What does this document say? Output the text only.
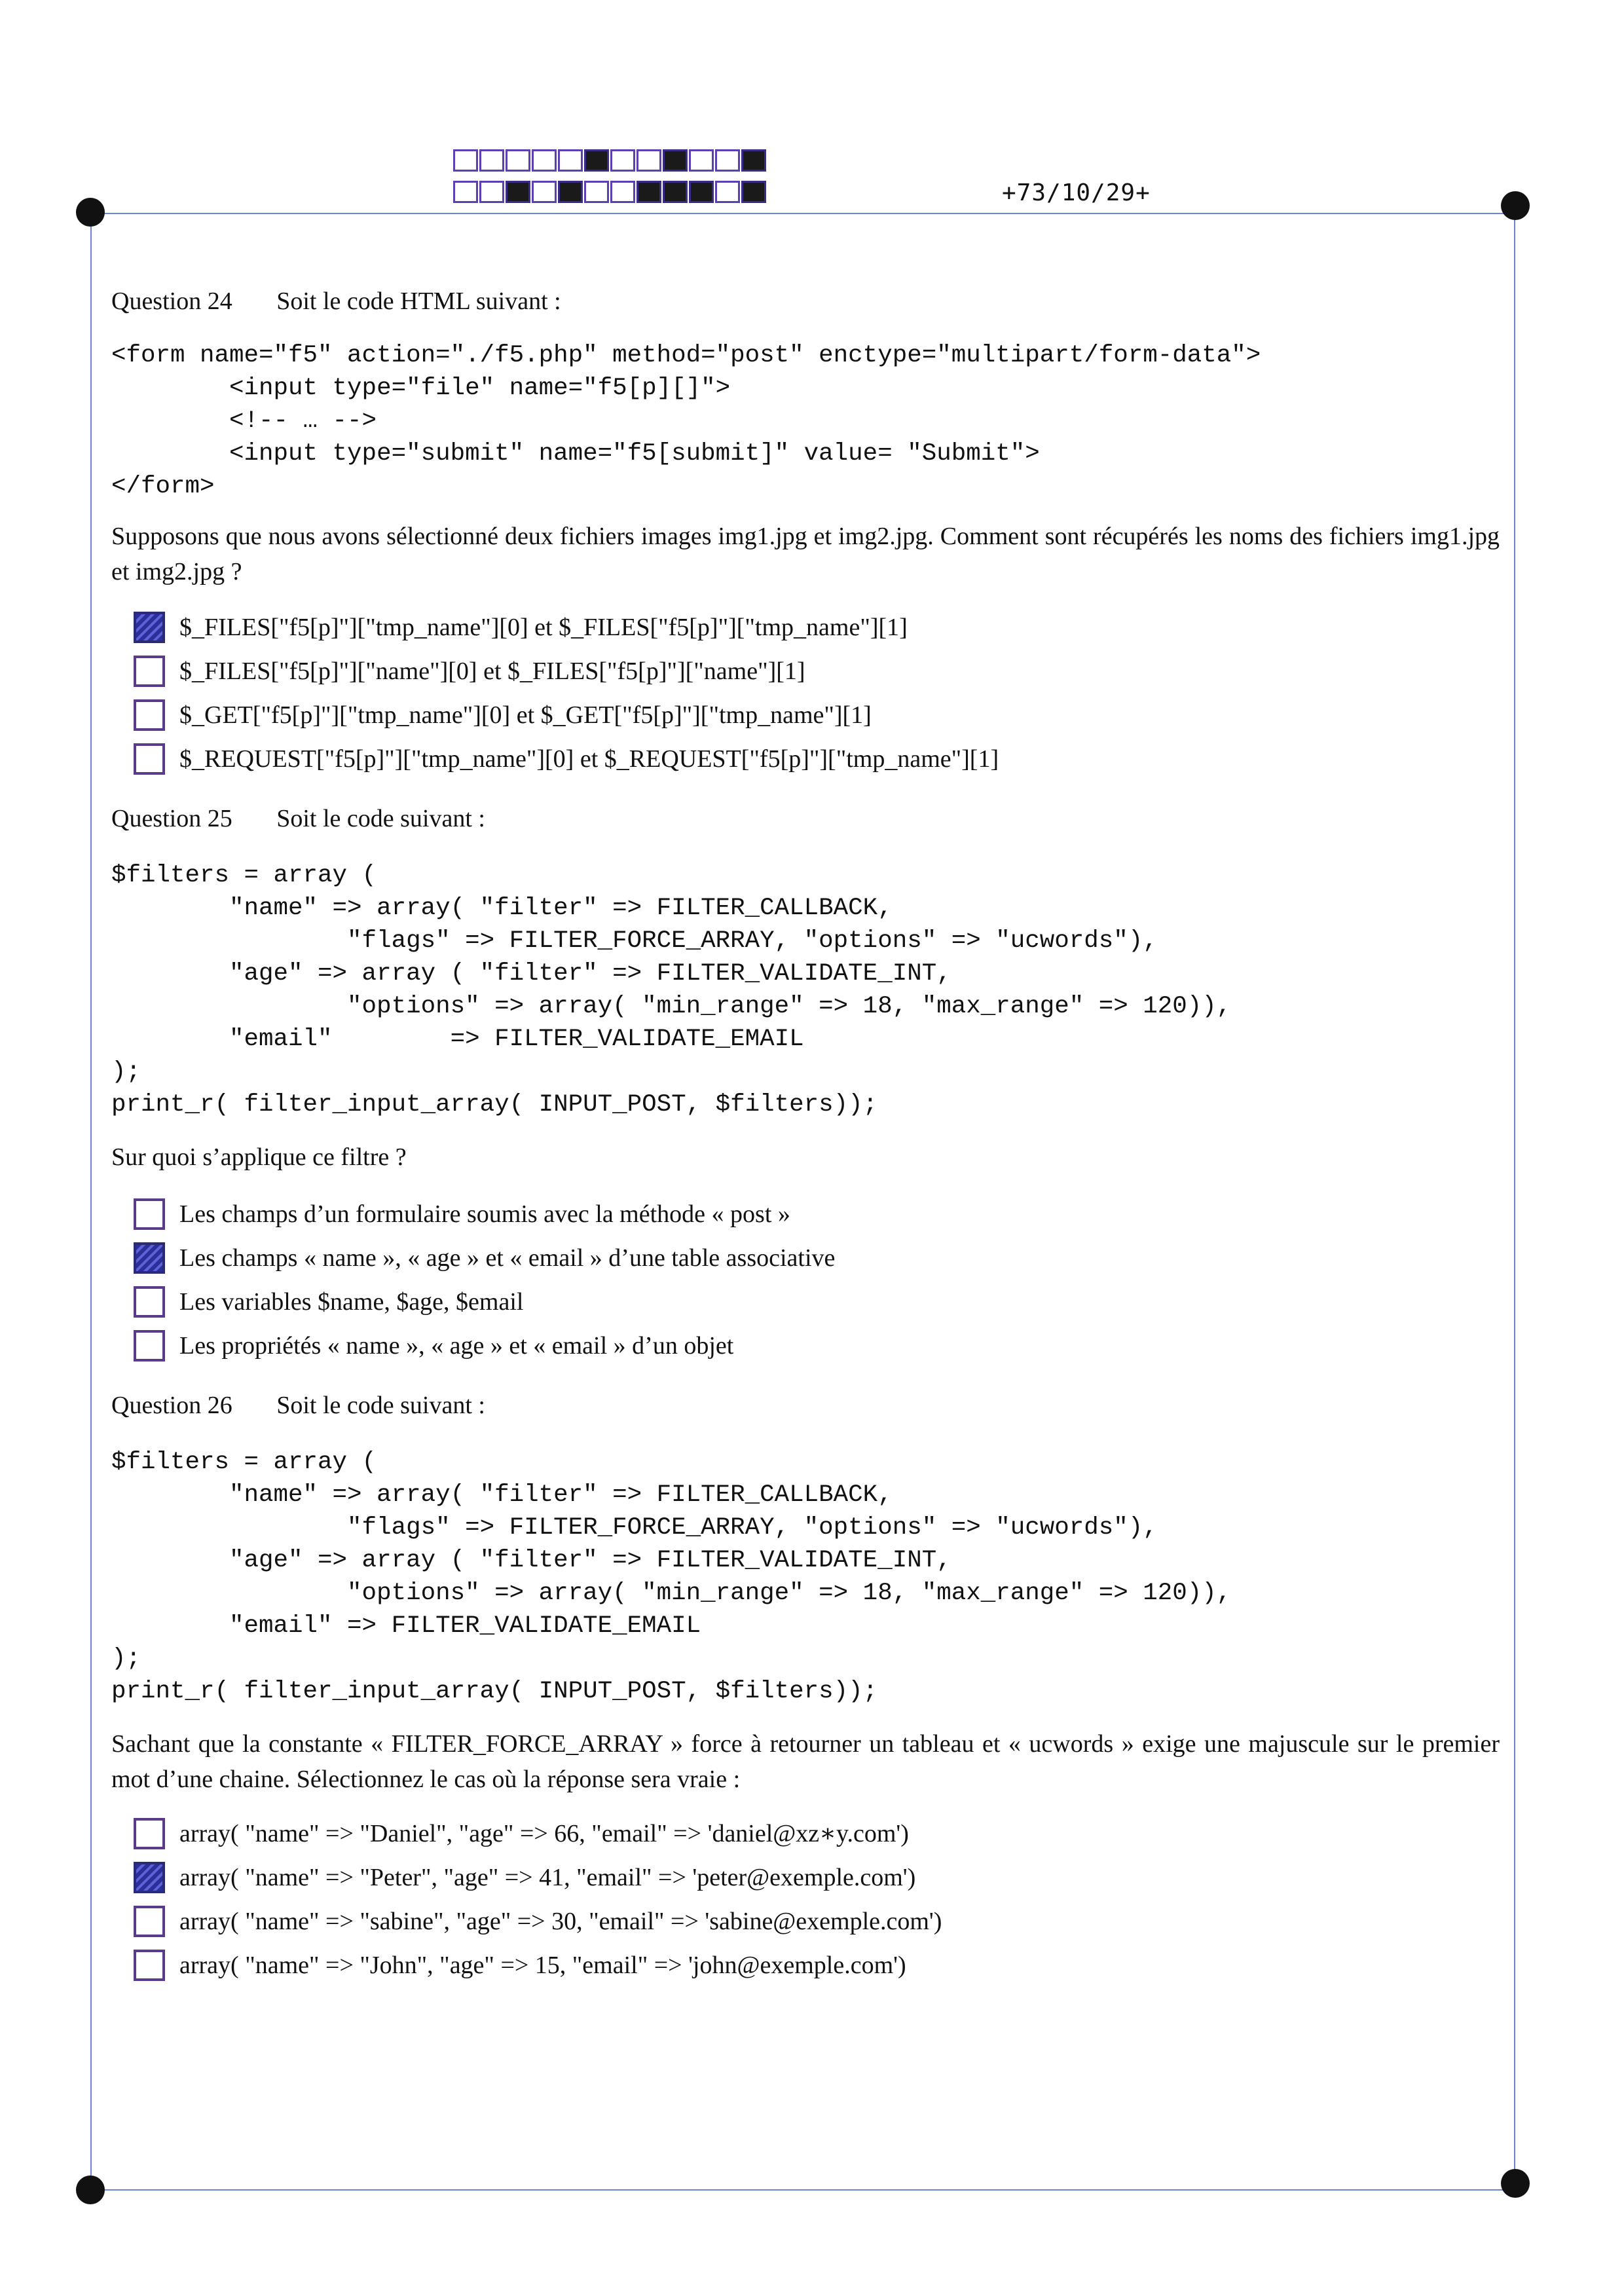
+73/10/29+
Question 24 Soit le code HTML suivant :
<form name="f5" action="./f5.php" method="post" enctype="multipart/form-data">
<input type="file" name="f5[p][]">
<!-- … -->
<input type="submit" name="f5[submit]" value= "Submit">
</form>
Supposons que nous avons sélectionné deux fichiers images img1.jpg et img2.jpg. Comment sont récupérés les noms des fichiers img1.jpg et img2.jpg ?
$_FILES["f5[p]"]["tmp_name"][0] et $_FILES["f5[p]"]["tmp_name"][1]
$_FILES["f5[p]"]["name"][0] et $_FILES["f5[p]"]["name"][1]
$_GET["f5[p]"]["tmp_name"][0] et $_GET["f5[p]"]["tmp_name"][1]
$_REQUEST["f5[p]"]["tmp_name"][0] et $_REQUEST["f5[p]"]["tmp_name"][1]
Question 25 Soit le code suivant :
$filters = array (
"name" => array( "filter" => FILTER_CALLBACK,
"flags" => FILTER_FORCE_ARRAY, "options" => "ucwords"),
"age" => array ( "filter" => FILTER_VALIDATE_INT,
"options" => array( "min_range" => 18, "max_range" => 120)),
"email"        => FILTER_VALIDATE_EMAIL
);
print_r( filter_input_array( INPUT_POST, $filters));
Sur quoi s’applique ce filtre ?
Les champs d’un formulaire soumis avec la méthode « post »
Les champs « name », « age » et « email » d’une table associative
Les variables $name, $age, $email
Les propriétés « name », « age » et « email » d’un objet
Question 26 Soit le code suivant :
$filters = array (
"name" => array( "filter" => FILTER_CALLBACK,
"flags" => FILTER_FORCE_ARRAY, "options" => "ucwords"),
"age" => array ( "filter" => FILTER_VALIDATE_INT,
"options" => array( "min_range" => 18, "max_range" => 120)),
"email" => FILTER_VALIDATE_EMAIL
);
print_r( filter_input_array( INPUT_POST, $filters));
Sachant que la constante « FILTER_FORCE_ARRAY » force à retourner un tableau et « ucwords » exige une majuscule sur le premier mot d’une chaine. Sélectionnez le cas où la réponse sera vraie :
array( "name" => "Daniel", "age" => 66, "email" => 'daniel@xz∗y.com')
array( "name" => "Peter", "age" => 41, "email" => 'peter@exemple.com')
array( "name" => "sabine", "age" => 30, "email" => 'sabine@exemple.com')
array( "name" => "John", "age" => 15, "email" => 'john@exemple.com')
